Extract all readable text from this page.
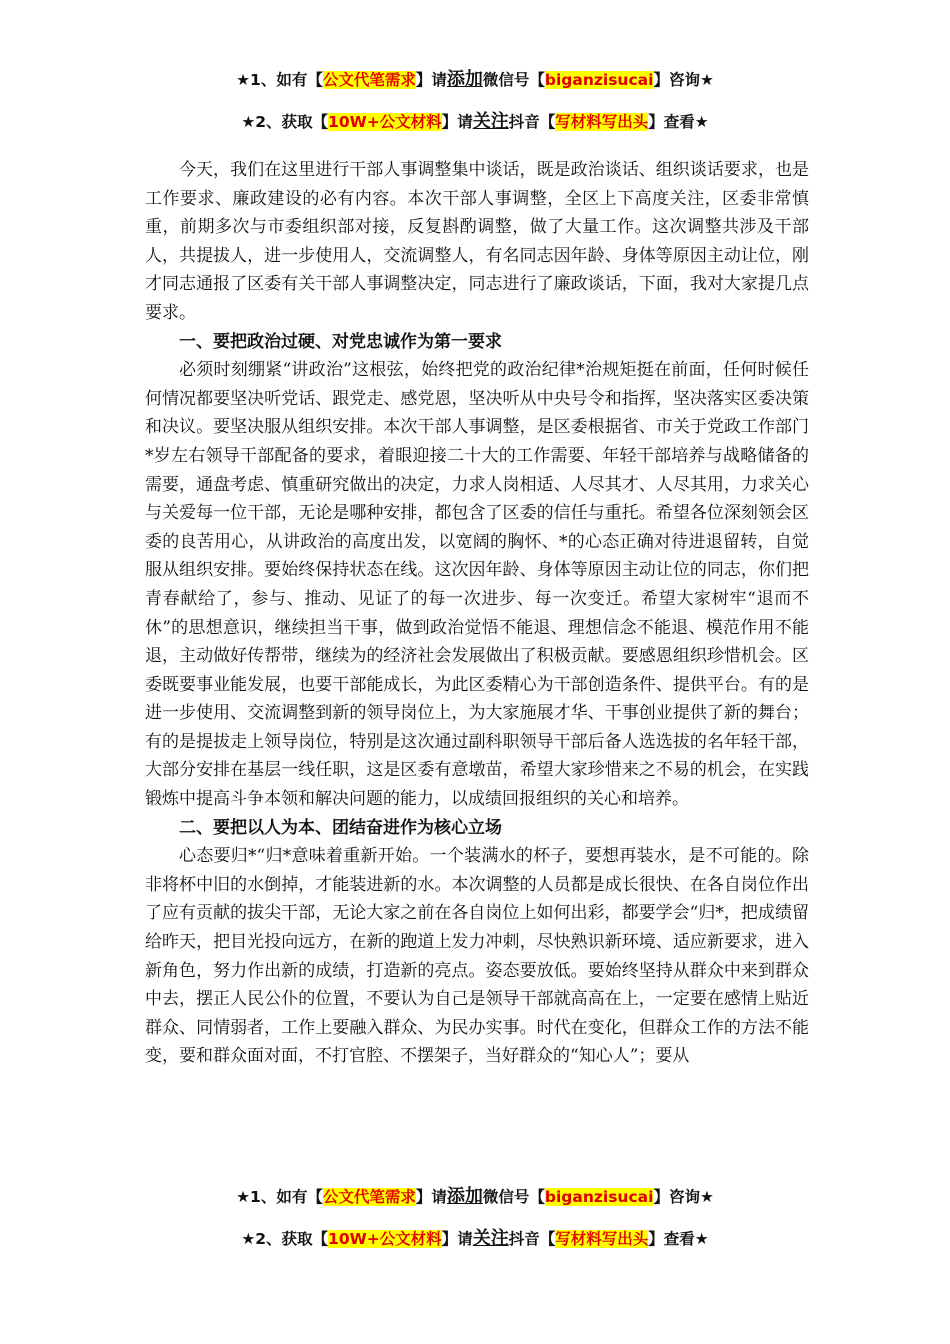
★1、如有【公文代笔需求】请添加微信号【biganzisucai】咨询★
★2、获取【10W+公文材料】请关注抖音【写材料写出头】查看★

今天，我们在这里进行干部人事调整集中谈话，既是政治谈话、组织谈话要求，也是工作要求、廉政建设的必有内容。本次干部人事调整，全区上下高度关注，区委非常慎重，前期多次与市委组织部对接，反复斟酌调整，做了大量工作。这次调整共涉及干部人，共提拔人，进一步使用人，交流调整人，有名同志因年龄、身体等原因主动让位，刚才同志通报了区委有关干部人事调整决定，同志进行了廉政谈话，下面，我对大家提几点要求。

一、要把政治过硬、对党忠诚作为第一要求

必须时刻绷紧“讲政治”这根弦，始终把党的政治纪律*治规矩挺在前面，任何时候任何情况都要坚决听党话、跟党走、感党恩，坚决听从中央号令和指挥，坚决落实区委决策和决议。要坚决服从组织安排。本次干部人事调整，是区委根据省、市关于党政工作部门*岁左右领导干部配备的要求，着眼迎接二十大的工作需要、年轻干部培养与战略储备的需要，通盘考虑、慎重研究做出的决定，力求人岗相适、人尽其才、人尽其用，力求关心与关爱每一位干部，无论是哪种安排，都包含了区委的信任与重托。希望各位深刻领会区委的良苦用心，从讲政治的高度出发，以宽阔的胸怀、*的心态正确对待进退留转，自觉服从组织安排。要始终保持状态在线。这次因年龄、身体等原因主动让位的同志，你们把青春献给了，参与、推动、见证了的每一次进步、每一次变迁。希望大家树牢“退而不休”的思想意识，继续担当干事，做到政治觉悟不能退、理想信念不能退、模范作用不能退，主动做好传帮带，继续为的经济社会发展做出了积极贡献。要感恩组织珍惜机会。区委既要事业能发展，也要干部能成长，为此区委精心为干部创造条件、提供平台。有的是进一步使用、交流调整到新的领导岗位上，为大家施展才华、干事创业提供了新的舞台；有的是提拔走上领导岗位，特别是这次通过副科职领导干部后备人选选拔的名年轻干部，大部分安排在基层一线任职，这是区委有意墩苗，希望大家珍惜来之不易的机会，在实践锻炼中提高斗争本领和解决问题的能力，以成绩回报组织的关心和培养。

二、要把以人为本、团结奋进作为核心立场

心态要归*“归*意味着重新开始。一个装满水的杯子，要想再装水，是不可能的。除非将杯中旧的水倒掉，才能装进新的水。本次调整的人员都是成长很快、在各自岗位作出了应有贡献的拔尖干部，无论大家之前在各自岗位上如何出彩，都要学会“归*，把成绩留给昨天，把目光投向远方，在新的跑道上发力冲刺，尽快熟识新环境、适应新要求，进入新角色，努力作出新的成绩，打造新的亮点。姿态要放低。要始终坚持从群众中来到群众中去，摆正人民公仆的位置，不要认为自己是领导干部就高高在上，一定要在感情上贴近群众、同情弱者，工作上要融入群众、为民办实事。时代在变化，但群众工作的方法不能变，要和群众面对面，不打官腔、不摆架子，当好群众的“知心人”；要从

★1、如有【公文代笔需求】请添加微信号【biganzisucai】咨询★
★2、获取【10W+公文材料】请关注抖音【写材料写出头】查看★
